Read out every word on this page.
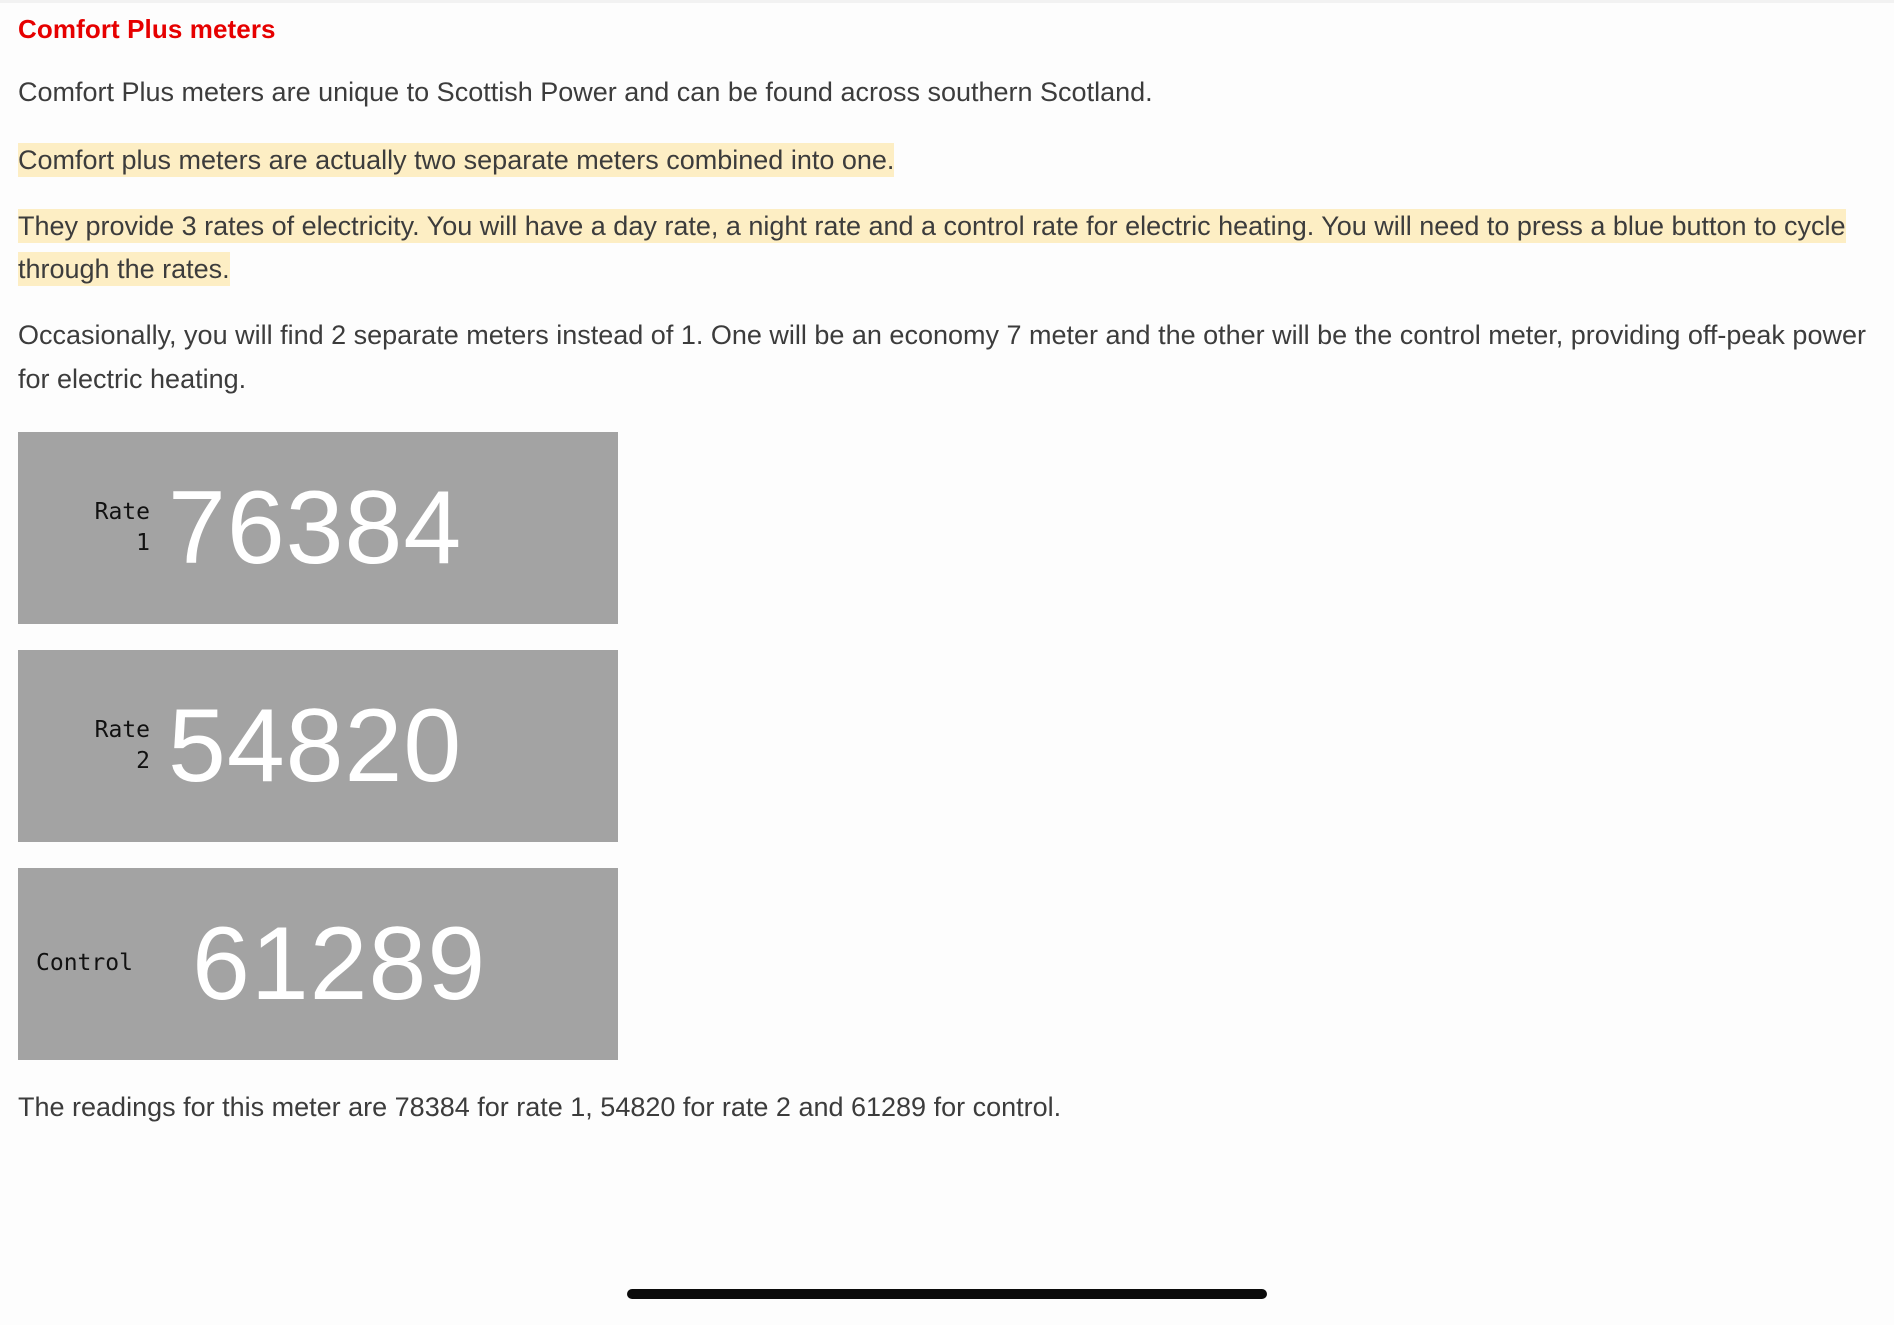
Comfort Plus meters

Comfort Plus meters are unique to Scottish Power and can be found across southern Scotland.

Comfort plus meters are actually two separate meters combined into one.

They provide 3 rates of electricity. You will have a day rate, a night rate and a control rate for electric heating. You will need to press a blue button to cycle through the rates.

Occasionally, you will find 2 separate meters instead of 1. One will be an economy 7 meter and the other will be the control meter, providing off-peak power for electric heating.

Rate
1 76384
Rate
2 54820
Control 61289

The readings for this meter are 78384 for rate 1, 54820 for rate 2 and 61289 for control.
